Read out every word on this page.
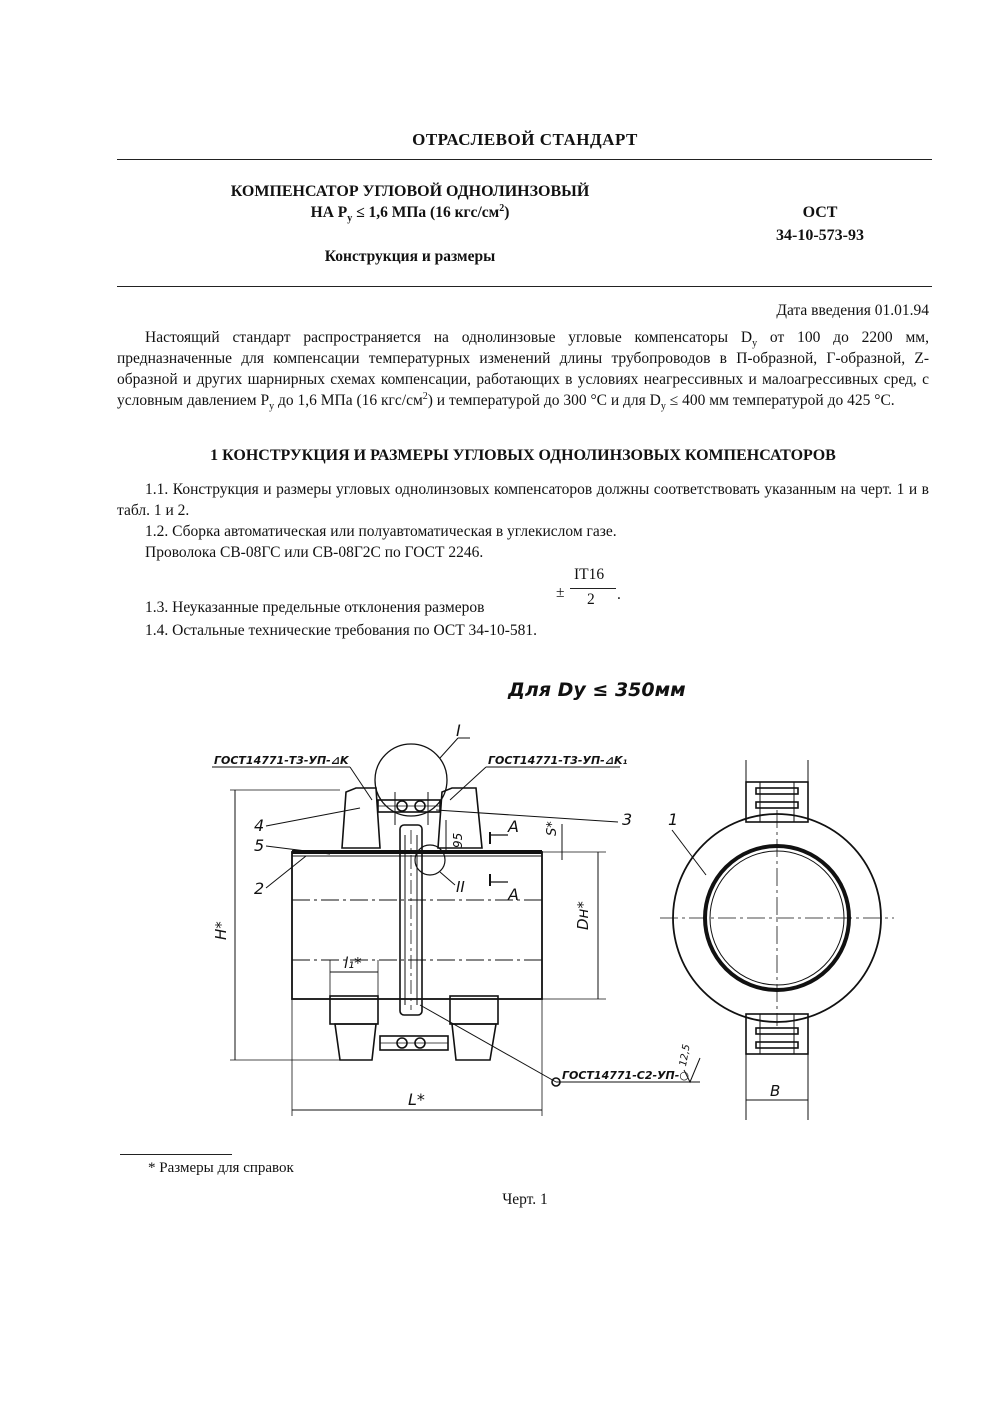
ОТРАСЛЕВОЙ СТАНДАРТ
КОМПЕНСАТОР УГЛОВОЙ ОДНОЛИНЗОВЫЙ
НА $Р_у \le 1,6$ МПа (16 кгс/$см^2$)
Конструкция и размеры
ОСТ
34-10-573-93
Дата введения 01.01.94
Настоящий стандарт распространяется на однолинзовые угловые компенсаторы $D_у$ от 100 до 2200 мм, предназначенные для компенсации температурных изменений длины трубопроводов в П-образной, Г-образной, Z-образной и других шарнирных схемах компенсации, работающих в условиях неагрессивных и малоагрессивных сред, с условным давлением $Р_у$ до 1,6 МПа (16 кгс/$см^2$) и температурой до 300 °С и для $D_у \le 400$ мм температурой до 425 °С.
1 КОНСТРУКЦИЯ И РАЗМЕРЫ УГЛОВЫХ ОДНОЛИНЗОВЫХ КОМПЕНСАТОРОВ
1.1. Конструкция и размеры угловых однолинзовых компенсаторов должны соответствовать указанным на черт. 1 и в табл. 1 и 2.
1.2. Сборка автоматическая или полуавтоматическая в углекислом газе.
Проволока СВ-08ГС или СВ-08Г2С по ГОСТ 2246.
1.3. Неуказанные предельные отклонения размеров
±
IT16
2 .
1.4. Остальные технические требования по ОСТ 34-10-581.
Для Dy ≤ 350мм
I
II
ГОСТ14771-Т3-УП-⊿K	ГОСТ14771-Т3-УП-⊿K₁
ГОСТ14771-С2-УП-○
12,5
4
5
2
3 1
A
A
H*
Dн*
L*
l₁*
S*
95
B
* Размеры для справок
Черт. 1
